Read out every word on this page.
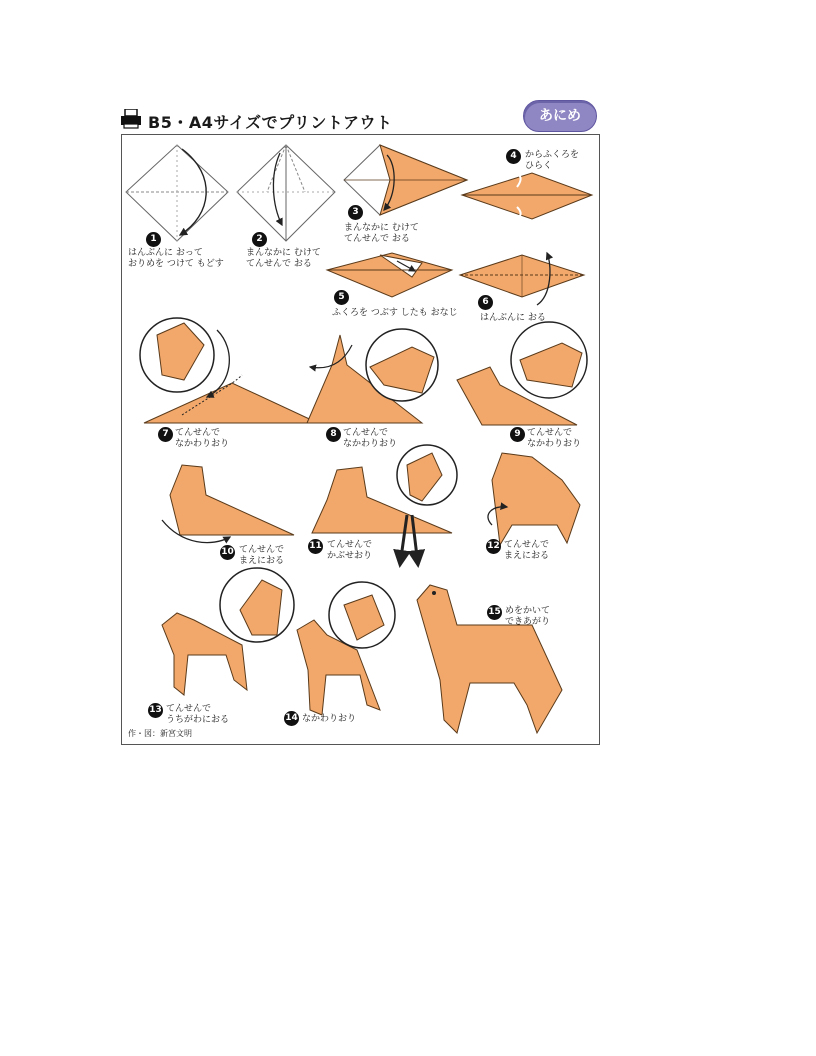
B5・A4サイズでプリントアウト	あにめ
1
はんぶんに おって
おりめを つけて もどす
2
まんなかに むけて
てんせんで おる
3
まんなかに むけて
てんせんで おる
4 からふくろを
ひらく
5
ふくろを つぶす したも おなじ
6
はんぶんに おる
7 てんせんで
なかわりおり
8 てんせんで
なかわりおり
9 てんせんで
なかわりおり
10 てんせんで
まえにおる
11 てんせんで
かぶせおり
12 てんせんで
まえにおる
13 てんせんで
うちがわにおる	14 なかわりおり
15 めをかいて
できあがり
作・図：新宮文明
